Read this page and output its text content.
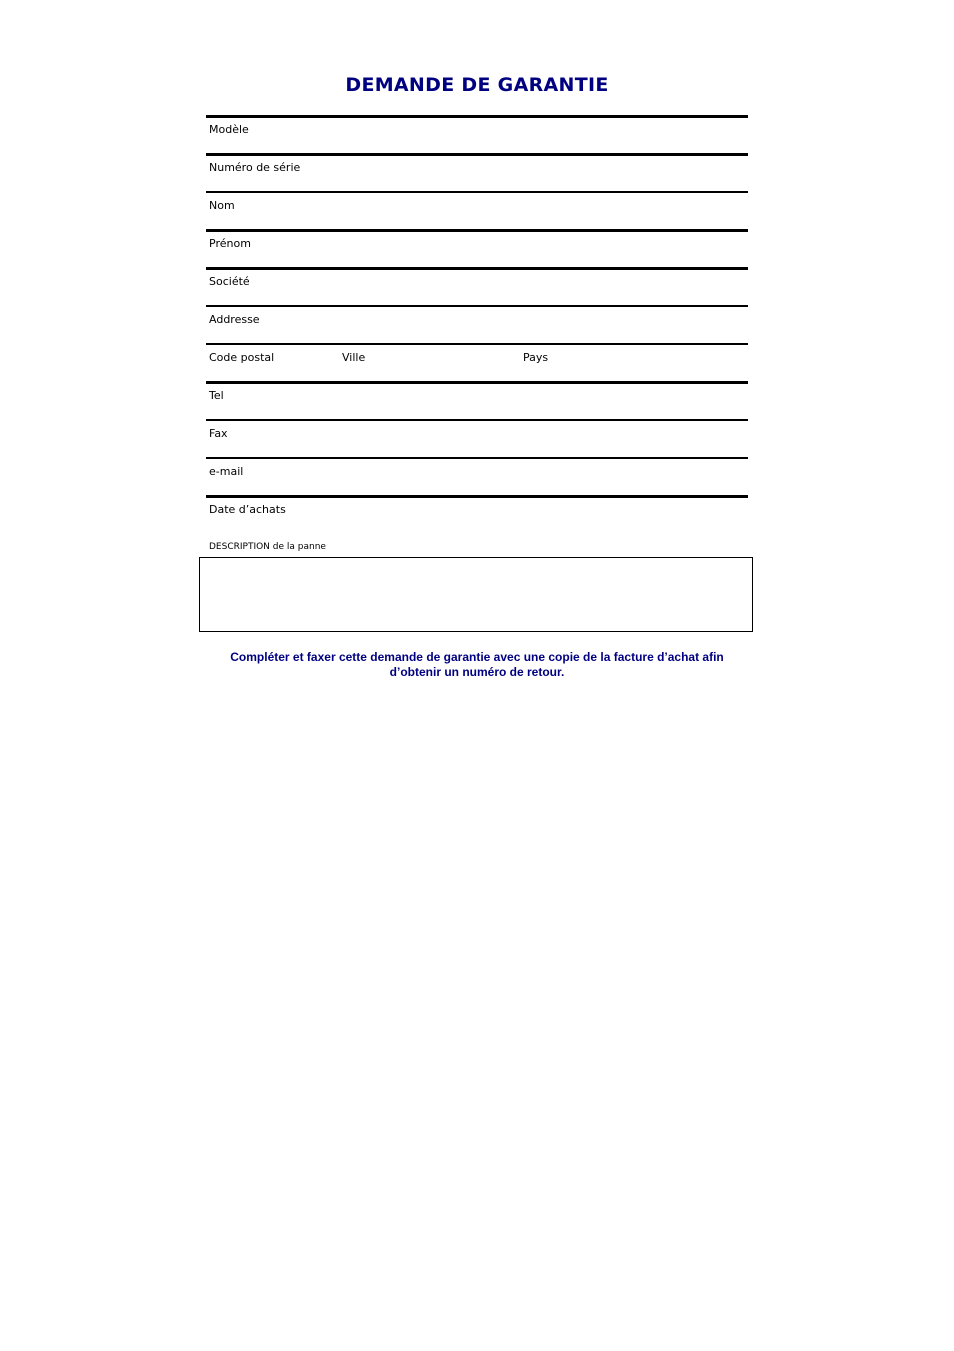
DEMANDE DE GARANTIE
Modèle
Numéro de série
Nom
Prénom
Société
Addresse
Code postal	Ville	Pays
Tel
Fax
e-mail
Date d’achats
DESCRIPTION de la panne
Compléter et faxer cette demande de garantie avec une copie de la facture d’achat afin d’obtenir un numéro de retour.
